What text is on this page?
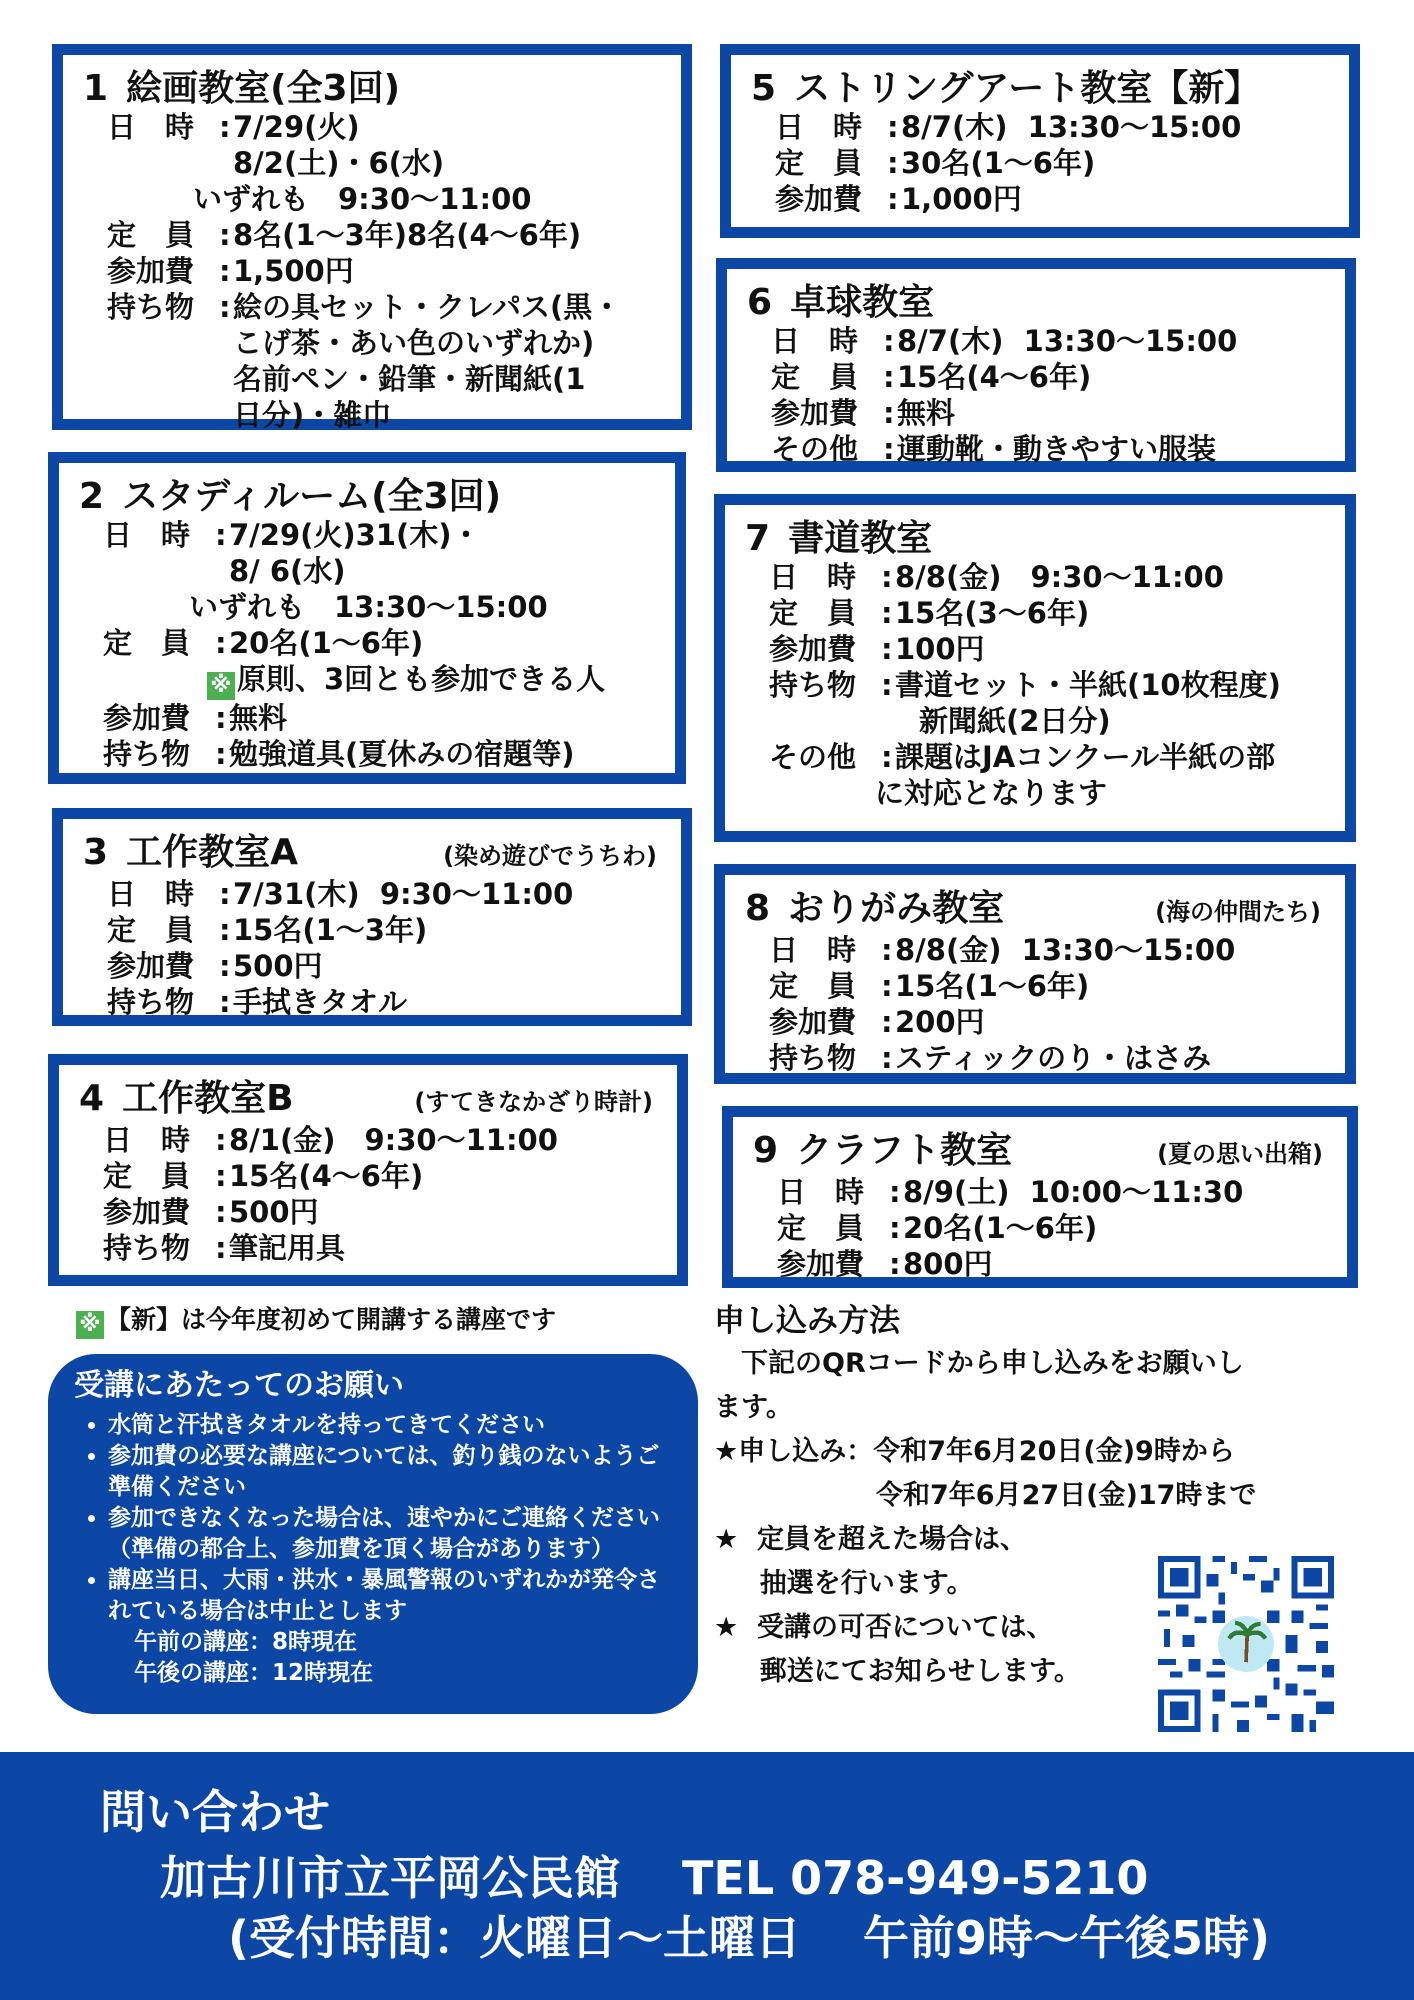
1 絵画教室(全3回)
日　時 : 7/29(火)
8/2(土)・6(水)
いずれも　9:30〜11:00
定　員 : 8名(1〜3年)8名(4〜6年)
参加費 : 1,500円
持ち物 : 絵の具セット・クレパス(黒・
こげ茶・あい色のいずれか)
名前ペン・鉛筆・新聞紙(1
日分)・雑巾
2 スタディルーム(全3回)
日　時 : 7/29(火)31(木)・
8/ 6(水)
いずれも　13:30〜15:00
定　員 : 20名(1〜6年)
※ 原則、3回とも参加できる人
参加費 : 無料
持ち物 : 勉強道具(夏休みの宿題等)
3 工作教室A	(染め遊びでうちわ)
日　時 : 7/31(木)  9:30〜11:00
定　員 : 15名(1〜3年)
参加費 : 500円
持ち物 : 手拭きタオル
4 工作教室B	(すてきなかざり時計)
日　時 : 8/1(金)　9:30〜11:00
定　員 : 15名(4〜6年)
参加費 : 500円
持ち物 : 筆記用具
5 ストリングアート教室【新】
日　時 : 8/7(木)  13:30〜15:00
定　員 : 30名(1〜6年)
参加費 : 1,000円
6 卓球教室
日　時 : 8/7(木)  13:30〜15:00
定　員 : 15名(4〜6年)
参加費 : 無料
その他 : 運動靴・動きやすい服装
7 書道教室
日　時 : 8/8(金)　9:30〜11:00
定　員 : 15名(3〜6年)
参加費 : 100円
持ち物 : 書道セット・半紙(10枚程度)
新聞紙(2日分)
その他 : 課題はJAコンクール半紙の部
に対応となります
8 おりがみ教室	(海の仲間たち)
日　時 : 8/8(金)  13:30〜15:00
定　員 : 15名(1〜6年)
参加費 : 200円
持ち物 : スティックのり・はさみ
9 クラフト教室	(夏の思い出箱)
日　時 : 8/9(土)  10:00〜11:30
定　員 : 20名(1〜6年)
参加費 : 800円
※ 【新】は今年度初めて開講する講座です
受講にあたってのお願い
• 水筒と汗拭きタオルを持ってきてください
• 参加費の必要な講座については、釣り銭のないようご準備ください
• 参加できなくなった場合は、速やかにご連絡ください
（準備の都合上、参加費を頂く場合があります）
• 講座当日、大雨・洪水・暴風警報のいずれかが発令されている場合は中止とします
午前の講座：8時現在
午後の講座：12時現在
申し込み方法
　下記のQRコードから申し込みをお願いし
ます。
★申し込み：令和7年6月20日(金)9時から
　　　　　　令和7年6月27日(金)17時まで
★  定員を超えた場合は、
　  抽選を行います。
★  受講の可否については、
　  郵送にてお知らせします。
問い合わせ
加古川市立平岡公民館　 TEL 078-949-5210
(受付時間：火曜日〜土曜日　 午前9時〜午後5時)
